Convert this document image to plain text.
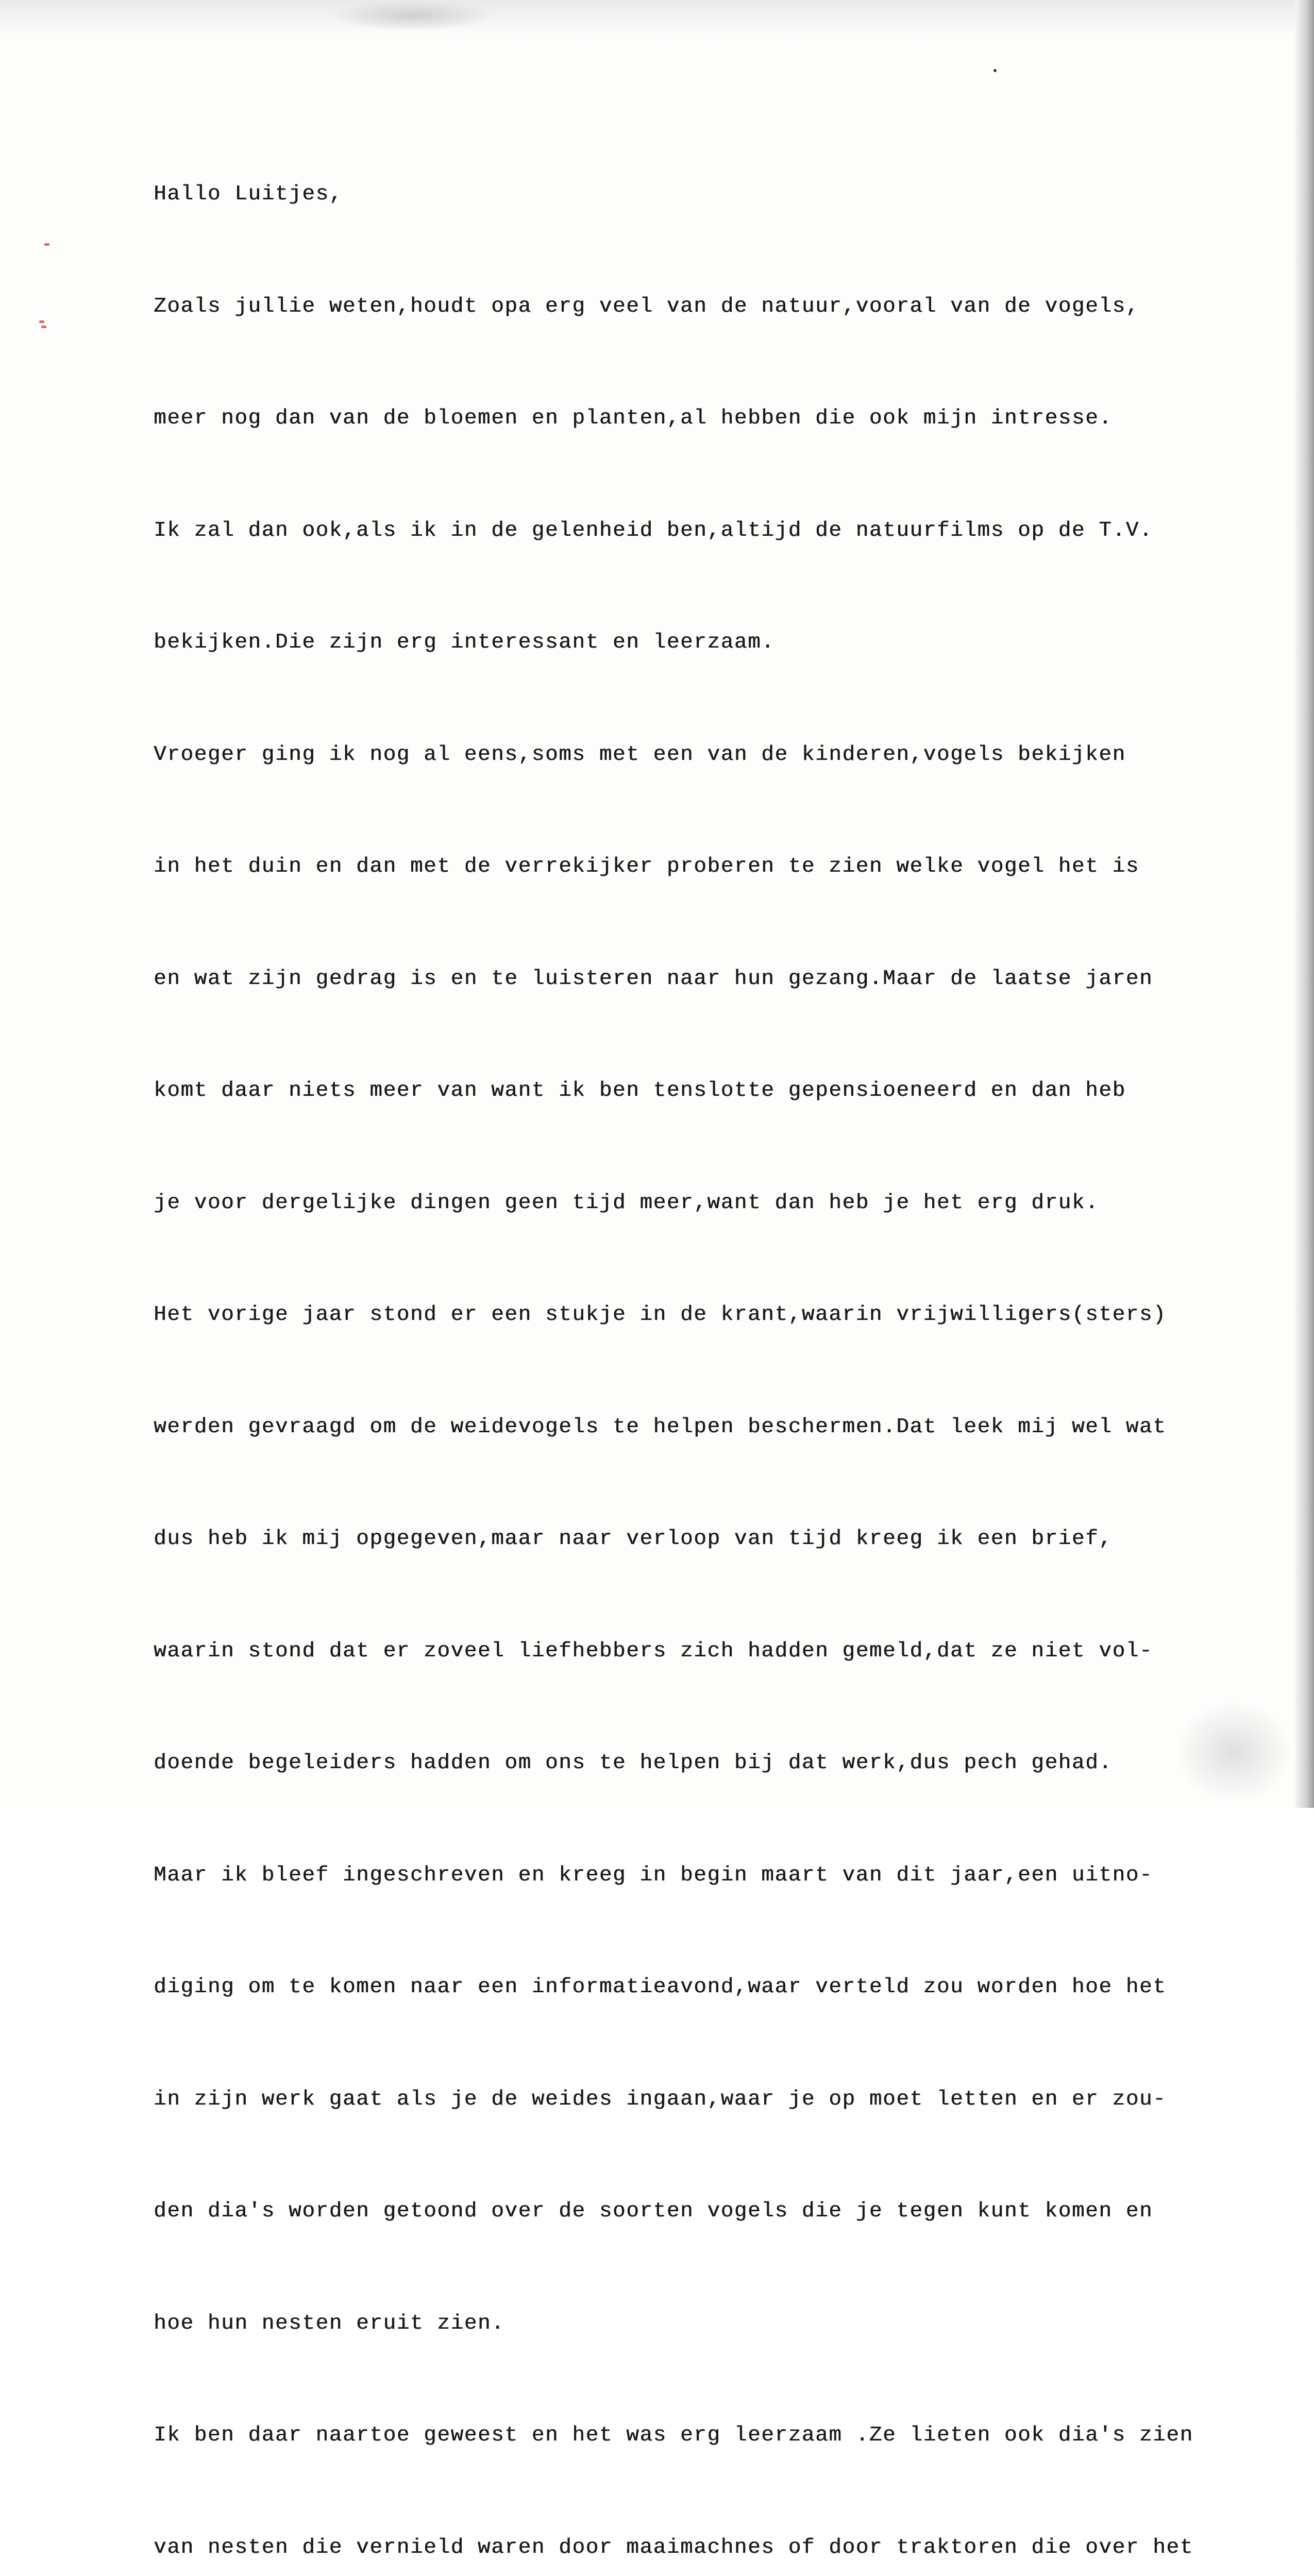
Hallo Luitjes,

Zoals jullie weten,houdt opa erg veel van de natuur,vooral van de vogels,

meer nog dan van de bloemen en planten,al hebben die ook mijn intresse.

Ik zal dan ook,als ik in de gelenheid ben,altijd de natuurfilms op de T.V.

bekijken.Die zijn erg interessant en leerzaam.

Vroeger ging ik nog al eens,soms met een van de kinderen,vogels bekijken

in het duin en dan met de verrekijker proberen te zien welke vogel het is

en wat zijn gedrag is en te luisteren naar hun gezang.Maar de laatse jaren

komt daar niets meer van want ik ben tenslotte gepensioeneerd en dan heb

je voor dergelijke dingen geen tijd meer,want dan heb je het erg druk.

Het vorige jaar stond er een stukje in de krant,waarin vrijwilligers(sters)

werden gevraagd om de weidevogels te helpen beschermen.Dat leek mij wel wat

dus heb ik mij opgegeven,maar naar verloop van tijd kreeg ik een brief,

waarin stond dat er zoveel liefhebbers zich hadden gemeld,dat ze niet vol-

doende begeleiders hadden om ons te helpen bij dat werk,dus pech gehad.

Maar ik bleef ingeschreven en kreeg in begin maart van dit jaar,een uitno-

diging om te komen naar een informatieavond,waar verteld zou worden hoe het

in zijn werk gaat als je de weides ingaan,waar je op moet letten en er zou-

den dia's worden getoond over de soorten vogels die je tegen kunt komen en

hoe hun nesten eruit zien.

Ik ben daar naartoe geweest en het was erg leerzaam .Ze lieten ook dia's zien

van nesten die vernield waren door maaimachnes of door traktoren die over het
